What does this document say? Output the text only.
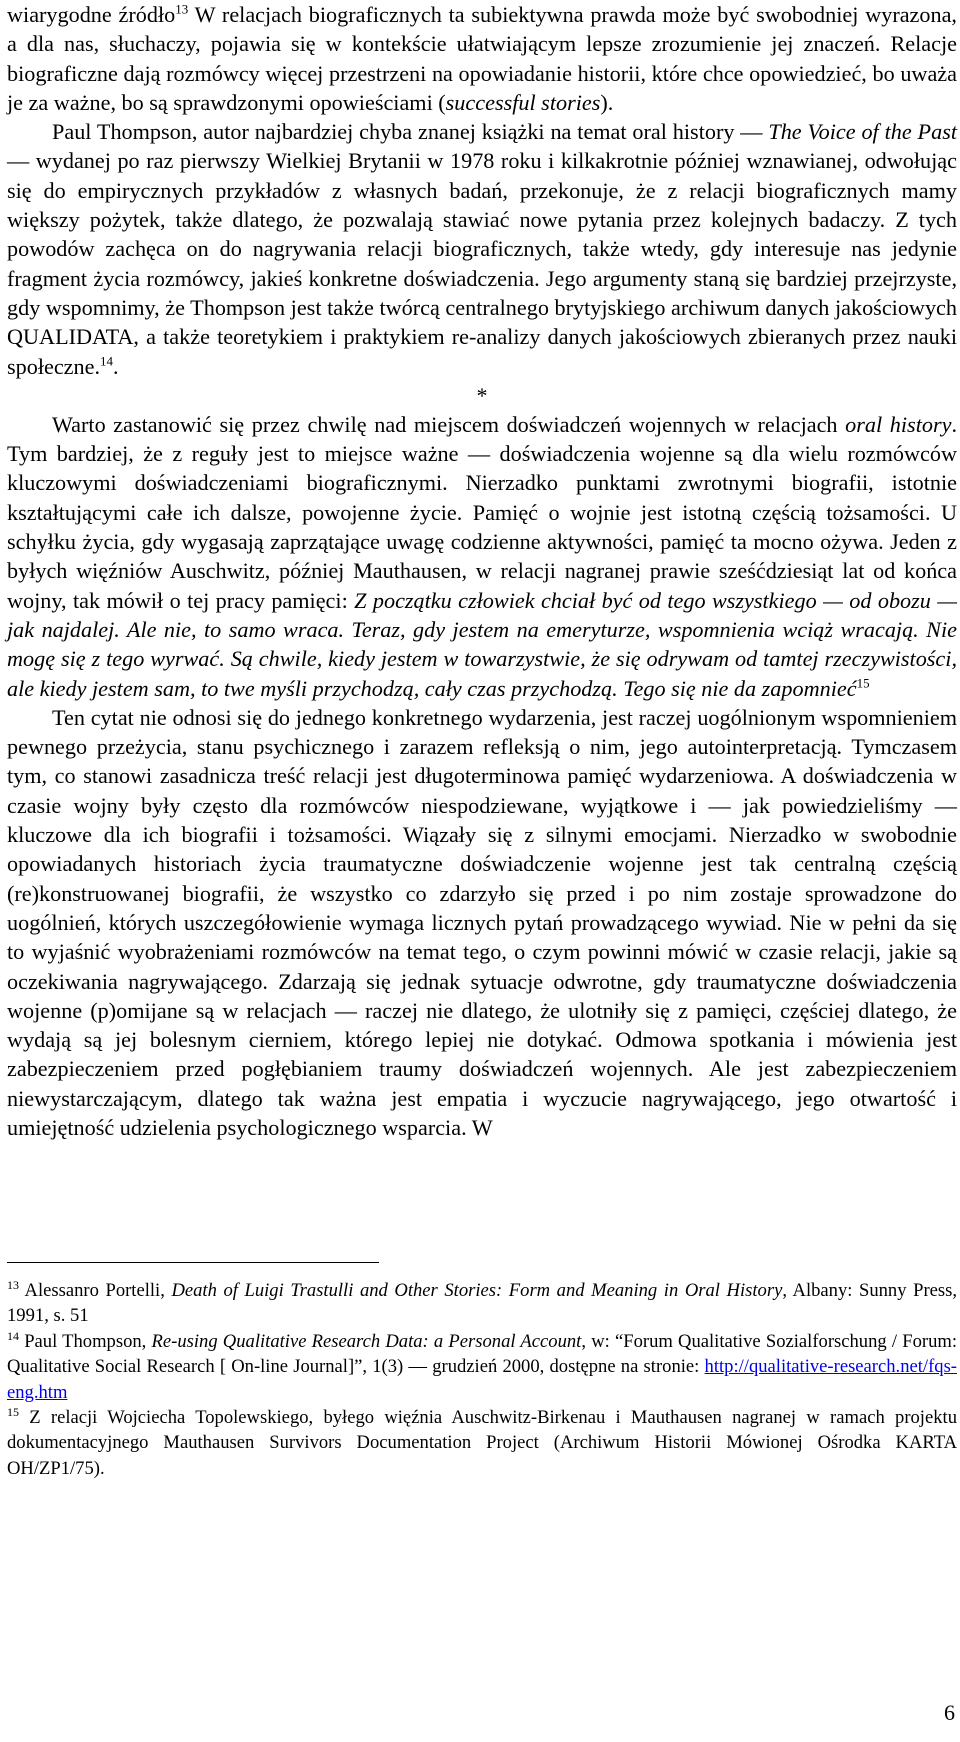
wiarygodne źródło$^{13}$ W relacjach biograficznych ta subiektywna prawda może być swobodniej wyrazona, a dla nas, słuchaczy, pojawia się w kontekście ułatwiającym lepsze zrozumienie jej znaczeń. Relacje biograficzne dają rozmówcy więcej przestrzeni na opowiadanie historii, które chce opowiedzieć, bo uważa je za ważne, bo są sprawdzonymi opowieściami (successful stories).

Paul Thompson, autor najbardziej chyba znanej książki na temat oral history — The Voice of the Past — wydanej po raz pierwszy Wielkiej Brytanii w 1978 roku i kilkakrotnie później wznawianej, odwołując się do empirycznych przykładów z własnych badań, przekonuje, że z relacji biograficznych mamy większy pożytek, także dlatego, że pozwalają stawiać nowe pytania przez kolejnych badaczy. Z tych powodów zachęca on do nagrywania relacji biograficznych, także wtedy, gdy interesuje nas jedynie fragment życia rozmówcy, jakieś konkretne doświadczenia. Jego argumenty staną się bardziej przejrzyste, gdy wspomnimy, że Thompson jest także twórcą centralnego brytyjskiego archiwum danych jakościowych QUALIDATA, a także teoretykiem i praktykiem re-analizy danych jakościowych zbieranych przez nauki społeczne.$^{14}$.

*

Warto zastanowić się przez chwilę nad miejscem doświadczeń wojennych w relacjach oral history. Tym bardziej, że z reguły jest to miejsce ważne — doświadczenia wojenne są dla wielu rozmówców kluczowymi doświadczeniami biograficznymi. Nierzadko punktami zwrotnymi biografii, istotnie kształtującymi całe ich dalsze, powojenne życie. Pamięć o wojnie jest istotną częścią tożsamości. U schyłku życia, gdy wygasają zaprzątające uwagę codzienne aktywności, pamięć ta mocno ożywa. Jeden z byłych więźniów Auschwitz, później Mauthausen, w relacji nagranej prawie sześćdziesiąt lat od końca wojny, tak mówił o tej pracy pamięci: Z początku człowiek chciał być od tego wszystkiego — od obozu — jak najdalej. Ale nie, to samo wraca. Teraz, gdy jestem na emeryturze, wspomnienia wciąż wracają. Nie mogę się z tego wyrwać. Są chwile, kiedy jestem w towarzystwie, że się odrywam od tamtej rzeczywistości, ale kiedy jestem sam, to twe myśli przychodzą, cały czas przychodzą. Tego się nie da zapomnieć$^{15}$

Ten cytat nie odnosi się do jednego konkretnego wydarzenia, jest raczej uogólnionym wspomnieniem pewnego przeżycia, stanu psychicznego i zarazem refleksją o nim, jego autointerpretacją. Tymczasem tym, co stanowi zasadnicza treść relacji jest długoterminowa pamięć wydarzeniowa. A doświadczenia w czasie wojny były często dla rozmówców niespodziewane, wyjątkowe i — jak powiedzieliśmy — kluczowe dla ich biografii i tożsamości. Wiązały się z silnymi emocjami. Nierzadko w swobodnie opowiadanych historiach życia traumatyczne doświadczenie wojenne jest tak centralną częścią (re)konstruowanej biografii, że wszystko co zdarzyło się przed i po nim zostaje sprowadzone do uogólnień, których uszczegółowienie wymaga licznych pytań prowadzącego wywiad. Nie w pełni da się to wyjaśnić wyobrażeniami rozmówców na temat tego, o czym powinni mówić w czasie relacji, jakie są oczekiwania nagrywającego. Zdarzają się jednak sytuacje odwrotne, gdy traumatyczne doświadczenia wojenne (p)omijane są w relacjach — raczej nie dlatego, że ulotniły się z pamięci, częściej dlatego, że wydają są jej bolesnym cierniem, którego lepiej nie dotykać. Odmowa spotkania i mówienia jest zabezpieczeniem przed pogłębianiem traumy doświadczeń wojennych. Ale jest zabezpieczeniem niewystarczającym, dlatego tak ważna jest empatia i wyczucie nagrywającego, jego otwartość i umiejętność udzielenia psychologicznego wsparcia. W

$^{13}$ Alessanro Portelli, Death of Luigi Trastulli and Other Stories: Form and Meaning in Oral History, Albany: Sunny Press, 1991, s. 51

$^{14}$ Paul Thompson, Re-using Qualitative Research Data: a Personal Account, w: “Forum Qualitative Sozialforschung / Forum: Qualitative Social Research [ On-line Journal]”, 1(3) — grudzień 2000, dostępne na stronie: http://qualitative-research.net/fqs-eng.htm

$^{15}$ Z relacji Wojciecha Topolewskiego, byłego więźnia Auschwitz-Birkenau i Mauthausen nagranej w ramach projektu dokumentacyjnego Mauthausen Survivors Documentation Project (Archiwum Historii Mówionej Ośrodka KARTA OH/ZP1/75).

6
